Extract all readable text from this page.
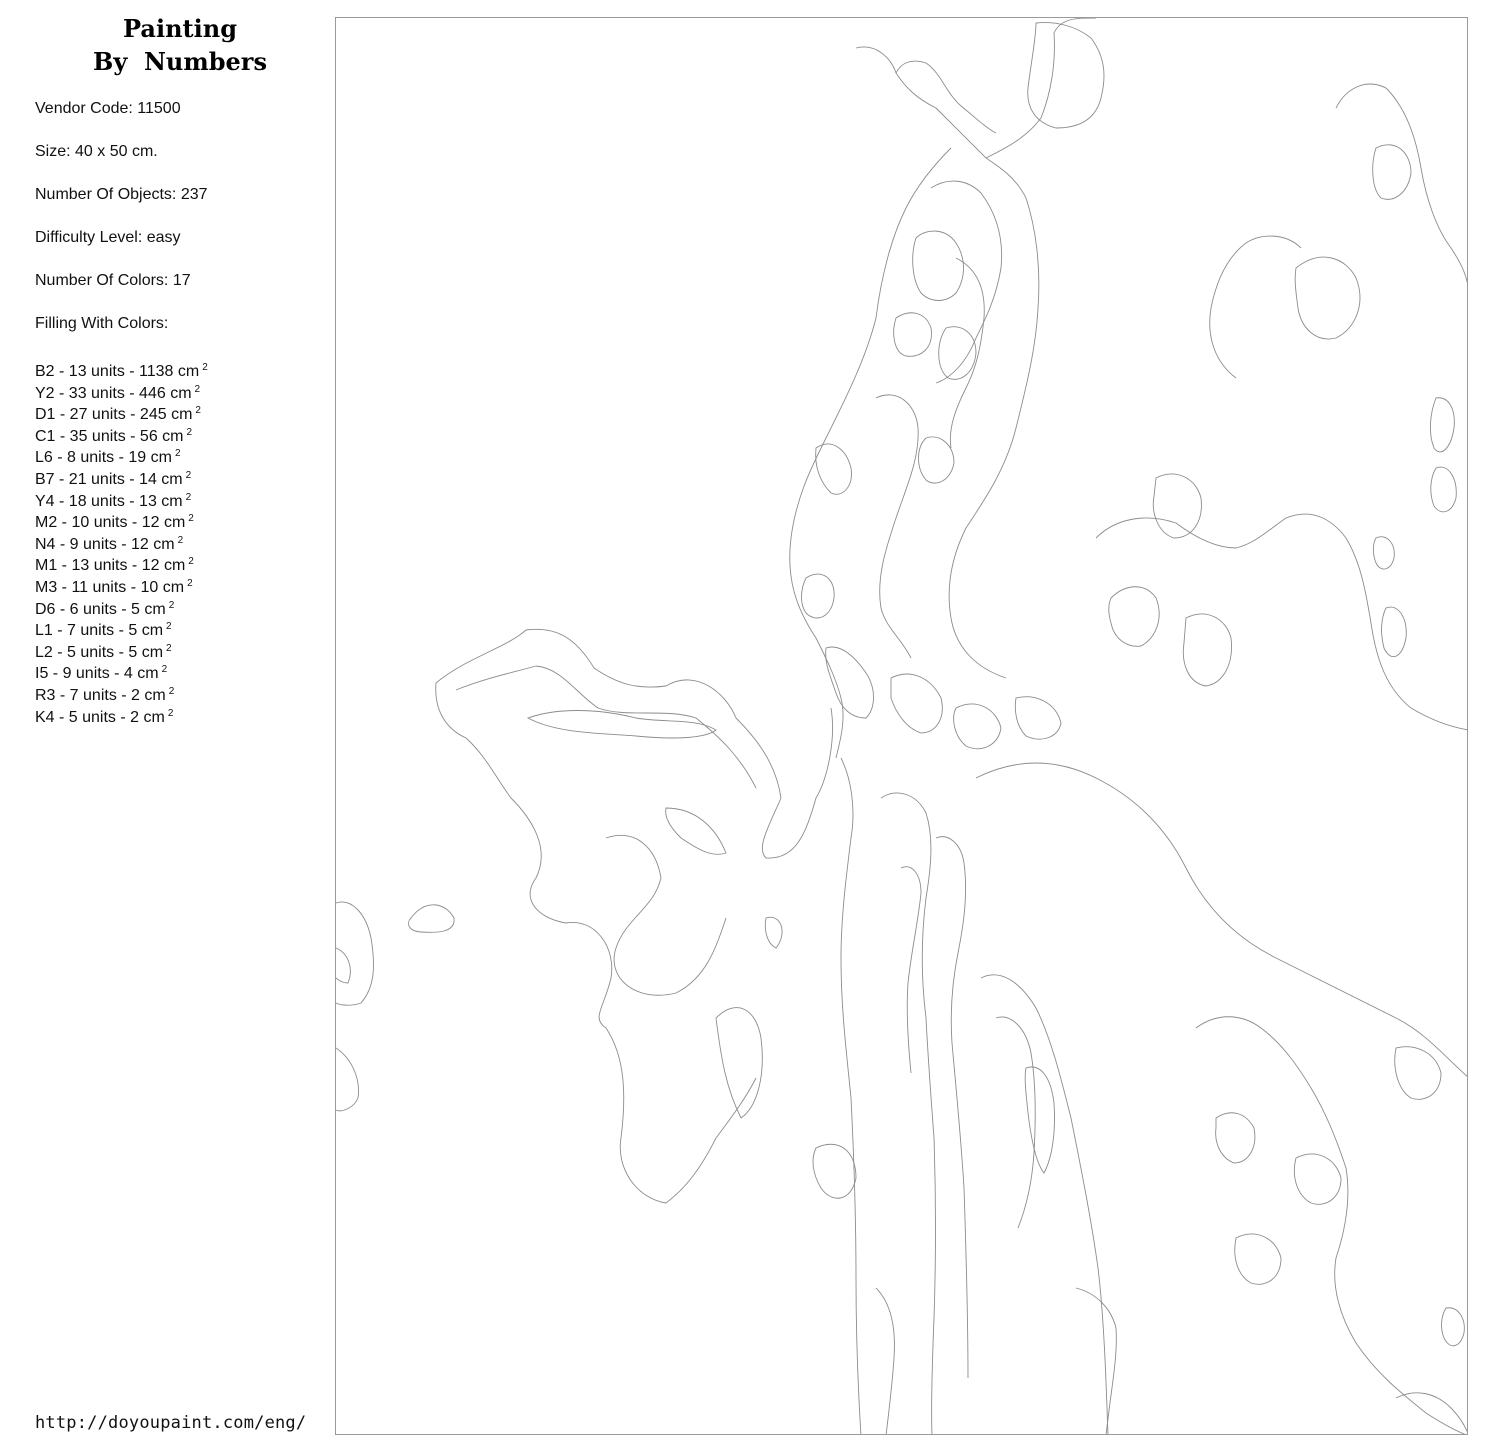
Painting
By  Numbers
Vendor Code: 11500
Size: 40 x 50 cm.
Number Of Objects: 237
Difficulty Level: easy
Number Of Colors: 17
Filling With Colors:
B2 - 13 units - 1138 cm $^2$
Y2 - 33 units - 446 cm $^2$
D1 - 27 units - 245 cm $^2$
C1 - 35 units - 56 cm $^2$
L6 - 8 units - 19 cm $^2$
B7 - 21 units - 14 cm $^2$
Y4 - 18 units - 13 cm $^2$
M2 - 10 units - 12 cm $^2$
N4 - 9 units - 12 cm $^2$
M1 - 13 units - 12 cm $^2$
M3 - 11 units - 10 cm $^2$
D6 - 6 units - 5 cm $^2$
L1 - 7 units - 5 cm $^2$
L2 - 5 units - 5 cm $^2$
I5 - 9 units - 4 cm $^2$
R3 - 7 units - 2 cm $^2$
K4 - 5 units - 2 cm $^2$
http://doyoupaint.com/eng/
